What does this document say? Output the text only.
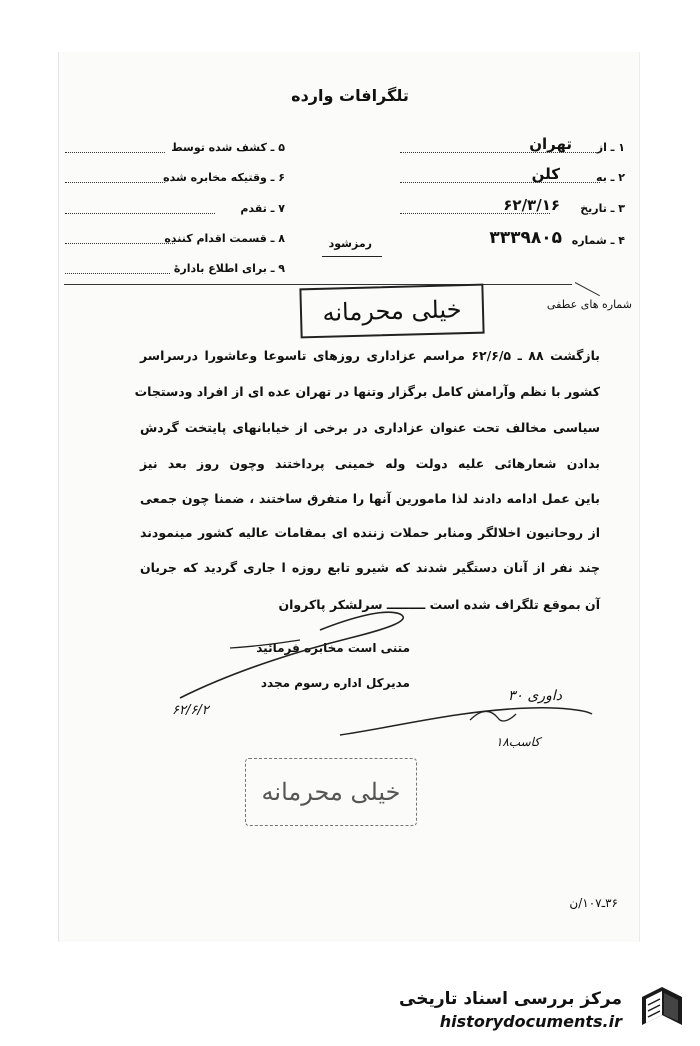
تلگرافات وارده
۱ ـ از
تهران
۲ ـ به
کلن
۳ ـ تاریخ
۶۲/۳/۱۶
۴ ـ شماره
۳۳۳۹۸۰۵
۵ ـ کشف شده توسط
۶ ـ وقتیکه مخابره شده
۷ ـ تقدم
۸ ـ قسمت اقدام کننده
۹ ـ برای اطلاع بادارهٔ
رمزشود
شماره های عطفی
خیلی محرمانه
بازگشت ۸۸ ـ ۶۲/۶/۵ مراسم عزاداری روزهای تاسوعا وعاشورا درسراسر
کشور با نظم وآرامش کامل برگزار وتنها در تهران عده ای از افراد ودستجات
سیاسی مخالف تحت عنوان عزاداری در برخی از خیابانهای پایتخت گردش
بدادن شعارهائی علیه دولت وله خمینی پرداختند وچون روز بعد نیز
باین عمل ادامه دادند لذا مامورین آنها را متفرق ساختند ، ضمنا چون جمعی
از روحانیون اخلالگر ومنابر حملات زننده ای بمقامات عالیه کشور مینمودند
چند نفر از آنان دستگیر شدند که شیرو تابع روزه ا جاری گردید که جریان
آن بموقع تلگراف شده است ـــــــــ سرلشکر پاکروان
متنی است مخابره فرمائید
مدیرکل اداره رسوم مجدد
۶۲/۶/۲
داوری ۳۰
کاسب۱۸
خیلی محرمانه
۳۶ـ۱۰۷/ن
مرکز بررسی اسناد تاریخی
historydocuments.ir
